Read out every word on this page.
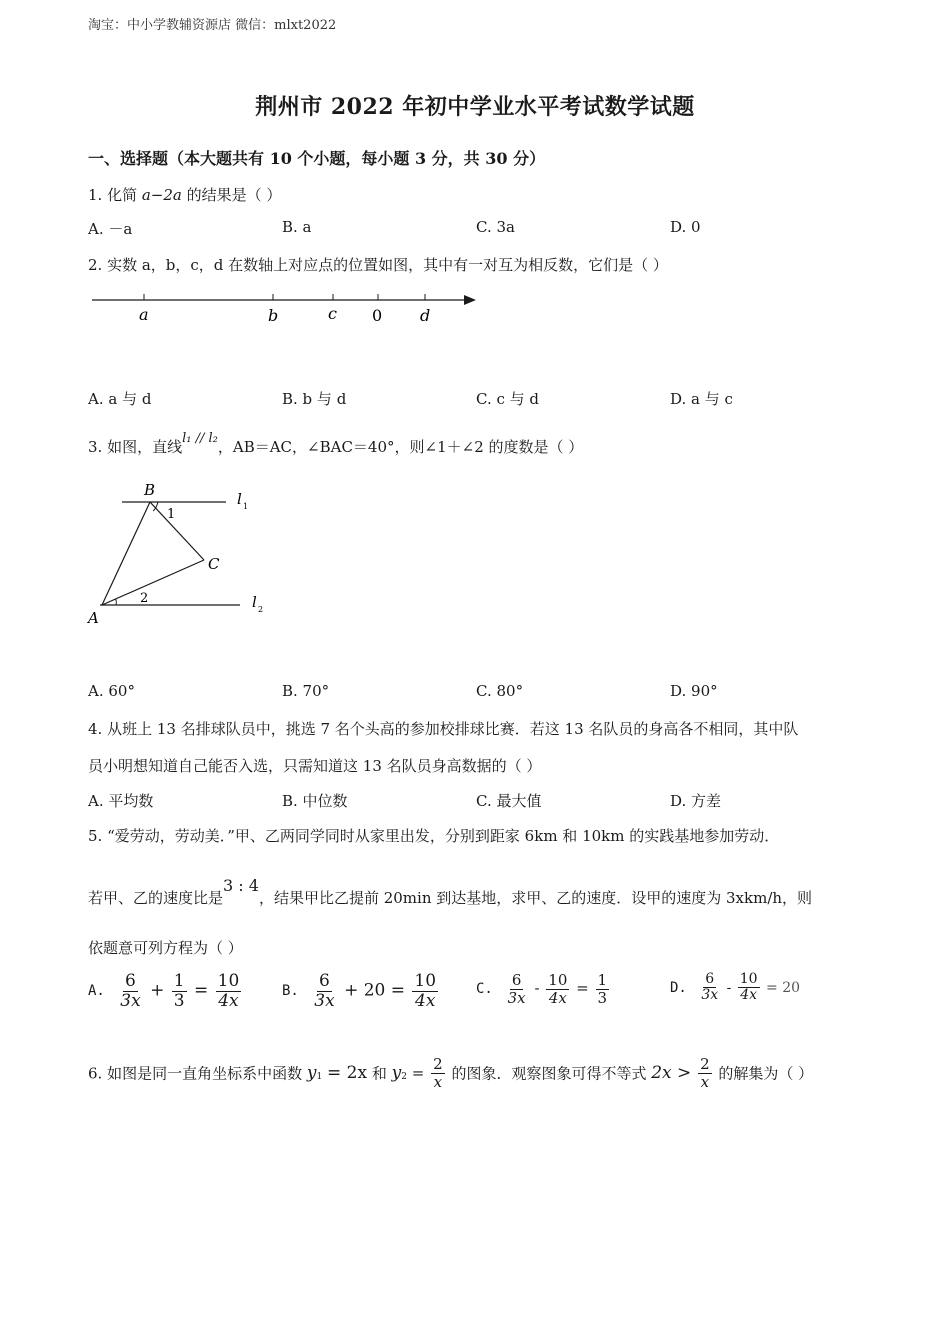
淘宝：中小学教辅资源店 微信：mlxt2022
荆州市 2022 年初中学业水平考试数学试题
一、选择题（本大题共有 10 个小题，每小题 3 分，共 30 分）
1. 化简 a−2a 的结果是（ ）
A. －a	B. a	C. 3a	D. 0
2. 实数 a，b，c，d 在数轴上对应点的位置如图，其中有一对互为相反数，它们是（ ）
a	b	c 0 d
A. a 与 d	B. b 与 d	C. c 与 d	D. a 与 c
3. 如图，直线l₁ // l₂，AB＝AC，∠BAC＝40°，则∠1＋∠2 的度数是（ ）
B
C
A
1
2
l 1
l 2
A. 60°	B. 70°	C. 80°	D. 90°
4. 从班上 13 名排球队员中，挑选 7 名个头高的参加校排球比赛．若这 13 名队员的身高各不相同，其中队
员小明想知道自己能否入选，只需知道这 13 名队员身高数据的（ ）
A. 平均数	B. 中位数	C. 最大值	D. 方差
5. “爱劳动，劳动美．”甲、乙两同学同时从家里出发，分别到距家 6km 和 10km 的实践基地参加劳动．
若甲、乙的速度比是3 : 4，结果甲比乙提前 20min 到达基地，求甲、乙的速度．设甲的速度为 3xkm/h，则
依题意可列方程为（ ）
A. $\frac{6}{3x} + \frac{1}{3} = \frac{10}{4x}$	B. $\frac{6}{3x} + 20 = \frac{10}{4x}$	C. $\frac{6}{3x} - \frac{10}{4x} = \frac{1}{3}$	D. $\frac{6}{3x} - \frac{10}{4x} = 20$
6. 如图是同一直角坐标系中函数 $y_1 = 2x$ 和 $y_2 = \frac{2}{x}$ 的图象．观察图象可得不等式 $2x > \frac{2}{x}$ 的解集为（ ）
